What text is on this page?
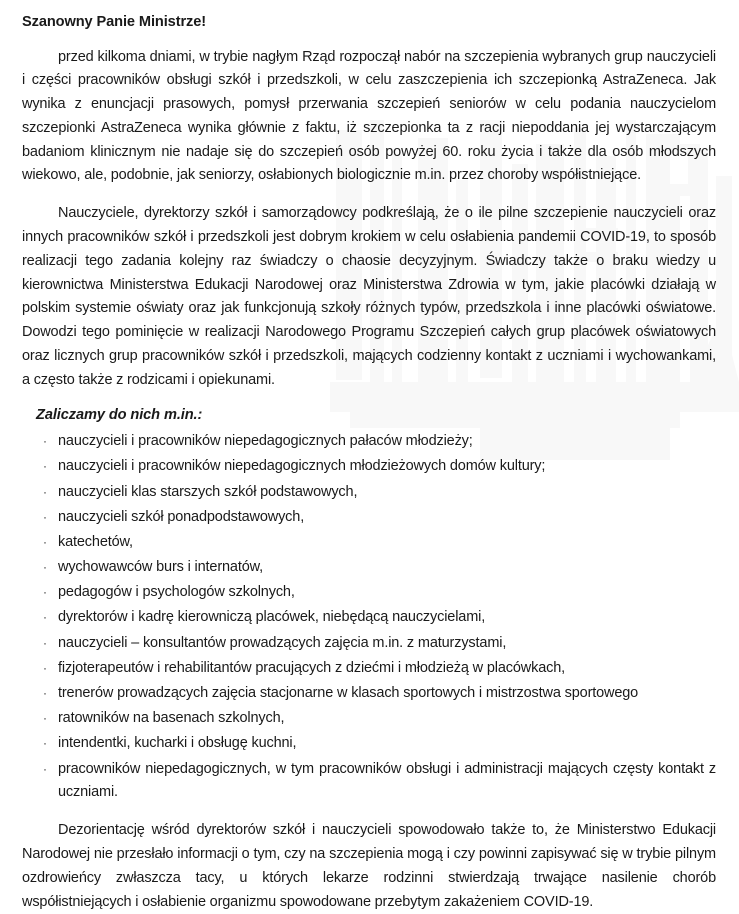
Szanowny Panie Ministrze!

przed kilkoma dniami, w trybie nagłym Rząd rozpoczął nabór na szczepienia wybranych grup nauczycieli i części pracowników obsługi szkół i przedszkoli, w celu zaszczepienia ich szczepionką AstraZeneca. Jak wynika z enuncjacji prasowych, pomysł przerwania szczepień seniorów w celu podania nauczycielom szczepionki AstraZeneca wynika głównie z faktu, iż szczepionka ta z racji niepoddania jej wystarczającym badaniom klinicznym nie nadaje się do szczepień osób powyżej 60. roku życia i także dla osób młodszych wiekowo, ale, podobnie, jak seniorzy, osłabionych biologicznie m.in. przez choroby współistniejące.

Nauczyciele, dyrektorzy szkół i samorządowcy podkreślają, że o ile pilne szczepienie nauczycieli oraz innych pracowników szkół i przedszkoli jest dobrym krokiem w celu osłabienia pandemii COVID-19, to sposób realizacji tego zadania kolejny raz świadczy o chaosie decyzyjnym. Świadczy także o braku wiedzy u kierownictwa Ministerstwa Edukacji Narodowej oraz Ministerstwa Zdrowia w tym, jakie placówki działają w polskim systemie oświaty oraz jak funkcjonują szkoły różnych typów, przedszkola i inne placówki oświatowe. Dowodzi tego pominięcie w realizacji Narodowego Programu Szczepień całych grup placówek oświatowych oraz licznych grup pracowników szkół i przedszkoli, mających codzienny kontakt z uczniami i wychowankami, a często także z rodzicami i opiekunami.

Zaliczamy do nich m.in.:
· nauczycieli i pracowników niepedagogicznych pałaców młodzieży;
· nauczycieli i pracowników niepedagogicznych młodzieżowych domów kultury;
· nauczycieli klas starszych szkół podstawowych,
· nauczycieli szkół ponadpodstawowych,
· katechetów,
· wychowawców burs i internatów,
· pedagogów i psychologów szkolnych,
· dyrektorów i kadrę kierowniczą placówek, niebędącą nauczycielami,
· nauczycieli – konsultantów prowadzących zajęcia m.in. z maturzystami,
· fizjoterapeutów i rehabilitantów pracujących z dziećmi i młodzieżą w placówkach,
· trenerów prowadzących zajęcia stacjonarne w klasach sportowych i mistrzostwa sportowego
· ratowników na basenach szkolnych,
· intendentki, kucharki i obsługę kuchni,
· pracowników niepedagogicznych, w tym pracowników obsługi i administracji mających częsty kontakt z uczniami.

Dezorientację wśród dyrektorów szkół i nauczycieli spowodowało także to, że Ministerstwo Edukacji Narodowej nie przesłało informacji o tym, czy na szczepienia mogą i czy powinni zapisywać się w trybie pilnym ozdrowieńcy zwłaszcza tacy, u których lekarze rodzinni stwierdzają trwające nasilenie chorób współistniejących i osłabienie organizmu spowodowane przebytym zakażeniem COVID-19.
